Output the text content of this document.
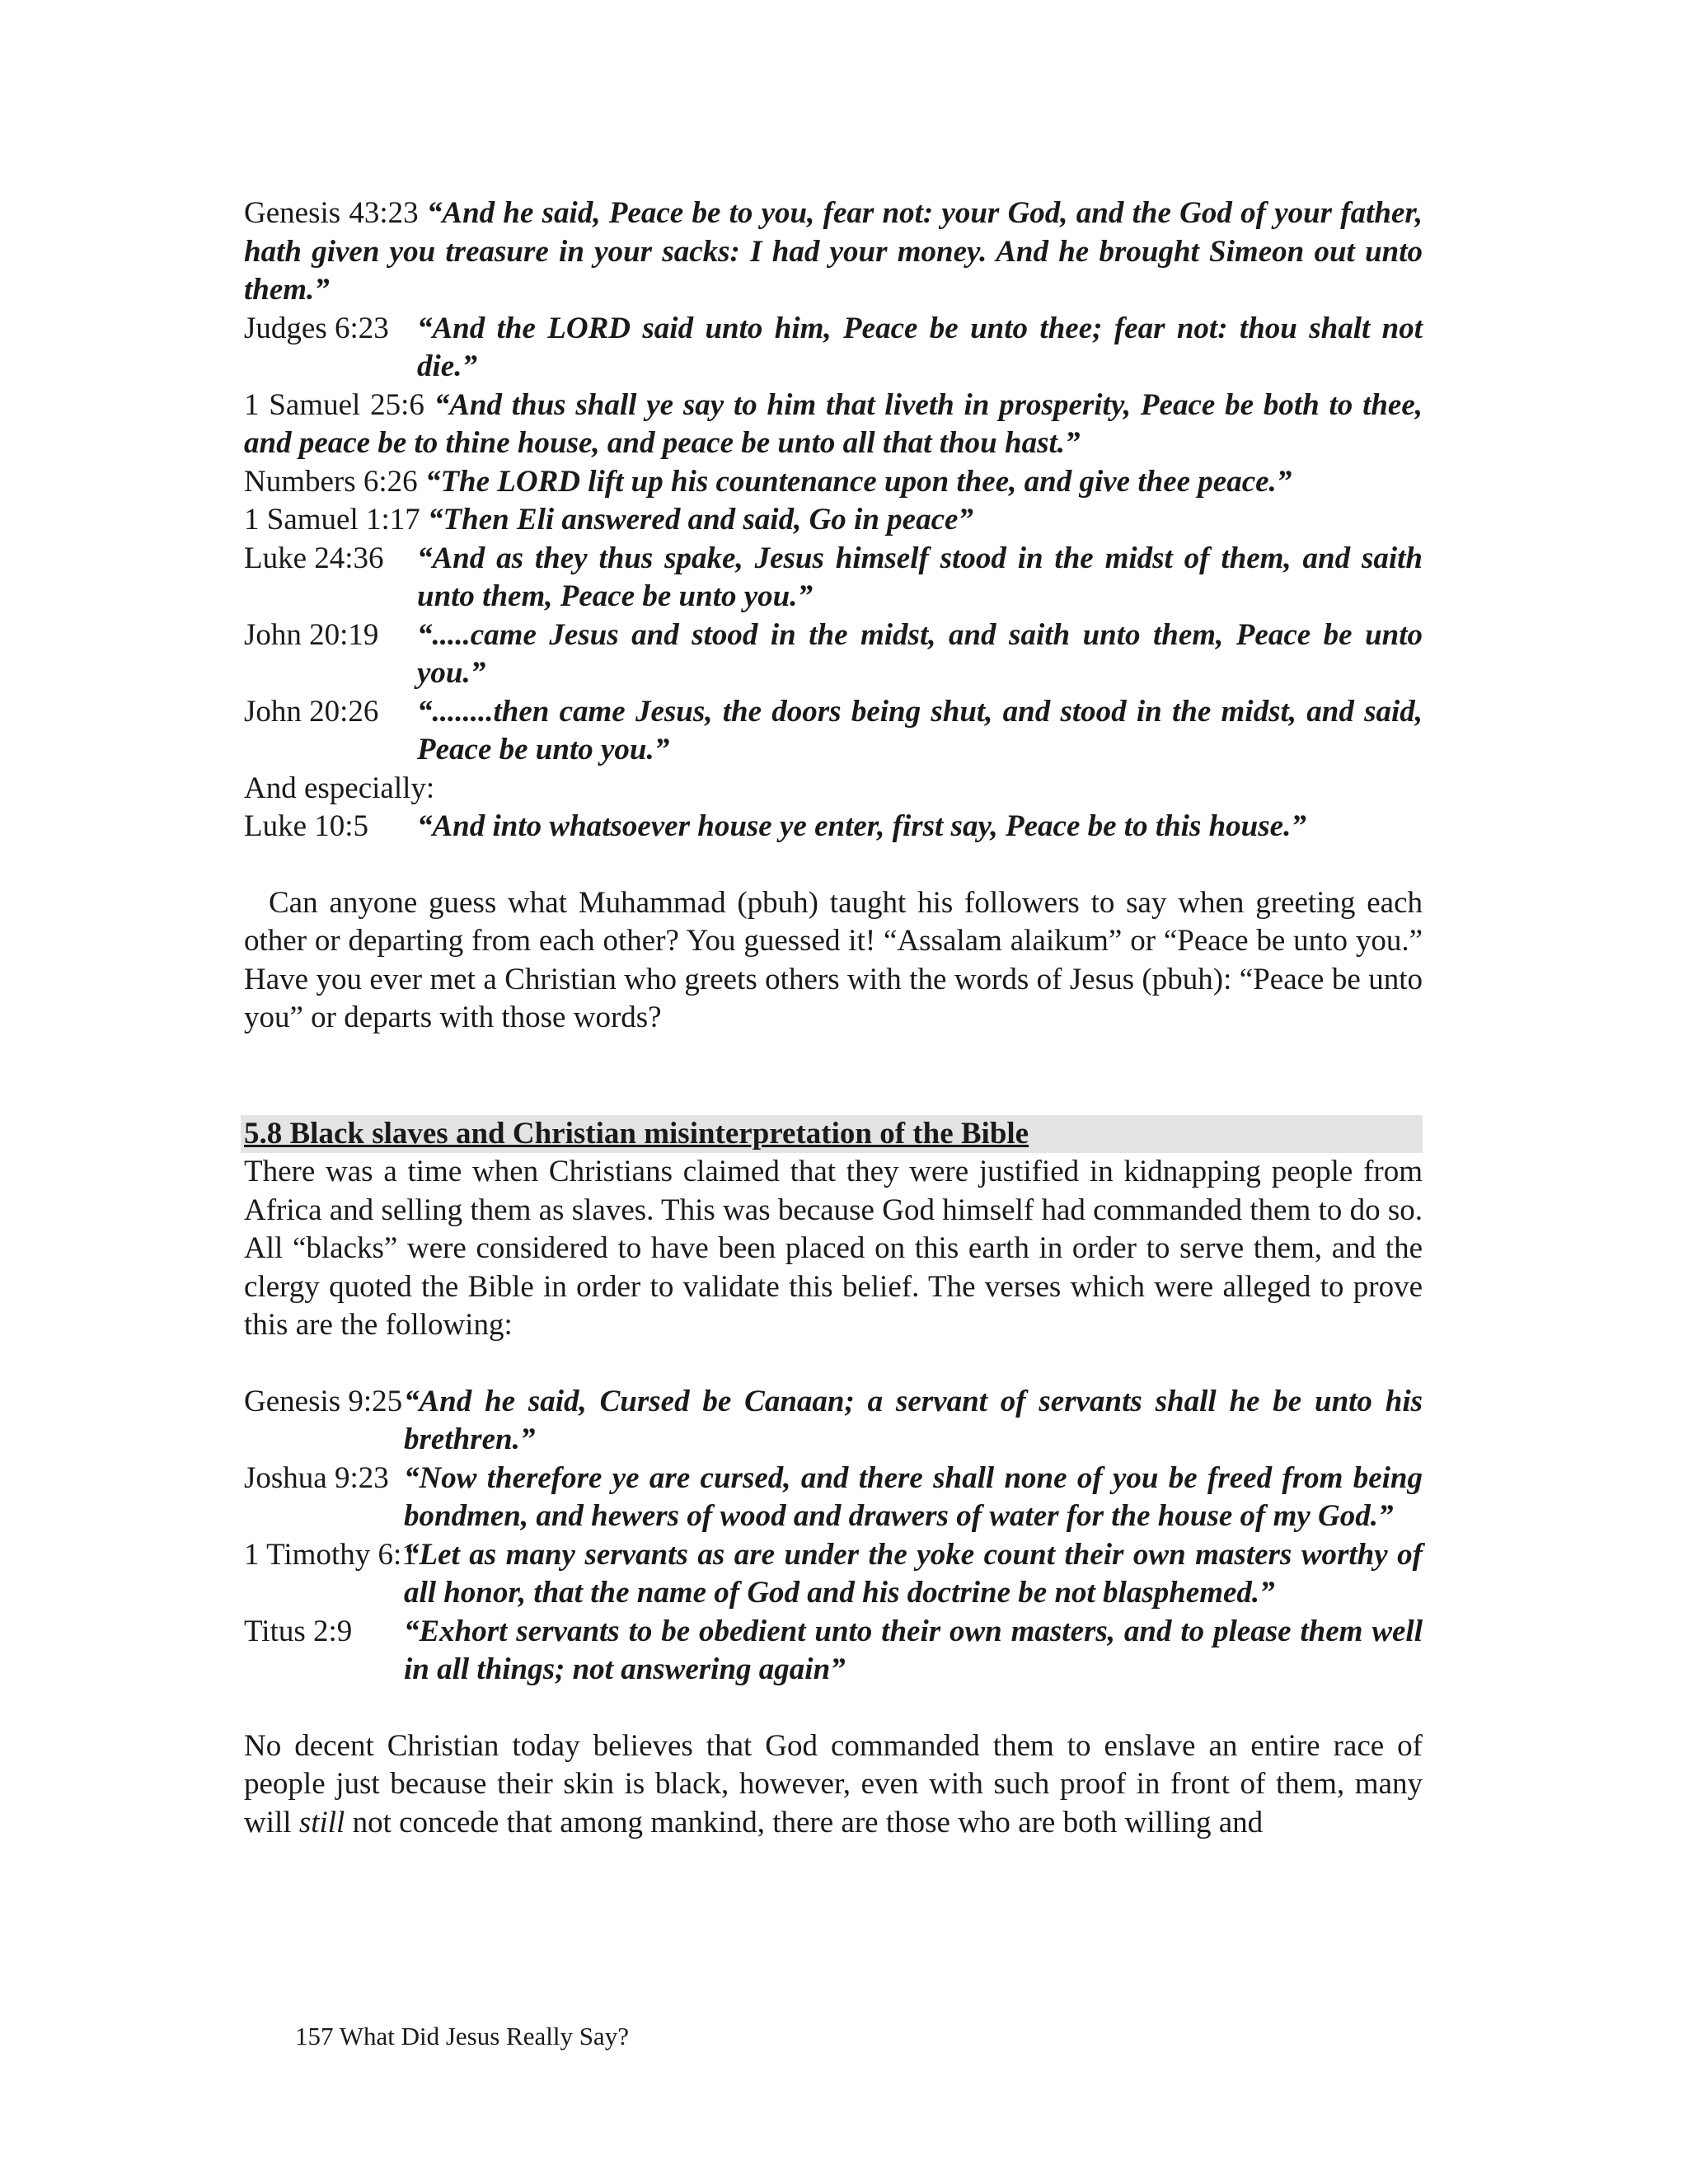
Genesis 43:23 “And he said, Peace be to you, fear not: your God, and the God of your father, hath given you treasure in your sacks: I had your money. And he brought Simeon out unto them.”
Judges 6:23 “And the LORD said unto him, Peace be unto thee; fear not: thou shalt not die.”
1 Samuel 25:6 “And thus shall ye say to him that liveth in prosperity, Peace be both to thee, and peace be to thine house, and peace be unto all that thou hast.”
Numbers 6:26 “The LORD lift up his countenance upon thee, and give thee peace.”
1 Samuel 1:17 “Then Eli answered and said, Go in peace”
Luke 24:36 “And as they thus spake, Jesus himself stood in the midst of them, and saith unto them, Peace be unto you.”
John 20:19 “.....came Jesus and stood in the midst, and saith unto them, Peace be unto you.”
John 20:26 “........then came Jesus, the doors being shut, and stood in the midst, and said, Peace be unto you.”
And especially:
Luke 10:5 “And into whatsoever house ye enter, first say, Peace be to this house.”
Can anyone guess what Muhammad (pbuh) taught his followers to say when greeting each other or departing from each other? You guessed it! “Assalam alaikum” or “Peace be unto you.” Have you ever met a Christian who greets others with the words of Jesus (pbuh): “Peace be unto you” or departs with those words?
5.8 Black slaves and Christian misinterpretation of the Bible
There was a time when Christians claimed that they were justified in kidnapping people from Africa and selling them as slaves. This was because God himself had commanded them to do so. All “blacks” were considered to have been placed on this earth in order to serve them, and the clergy quoted the Bible in order to validate this belief. The verses which were alleged to prove this are the following:
Genesis 9:25 “And he said, Cursed be Canaan; a servant of servants shall he be unto his brethren.”
Joshua 9:23 “Now therefore ye are cursed, and there shall none of you be freed from being bondmen, and hewers of wood and drawers of water for the house of my God.”
1 Timothy 6:1
“Let as many servants as are under the yoke count their own masters worthy of all honor, that the name of God and his doctrine be not blasphemed.”
Titus 2:9 “Exhort servants to be obedient unto their own masters, and to please them well in all things; not answering again”
No decent Christian today believes that God commanded them to enslave an entire race of people just because their skin is black, however, even with such proof in front of them, many will still not concede that among mankind, there are those who are both willing and
157 What Did Jesus Really Say?
